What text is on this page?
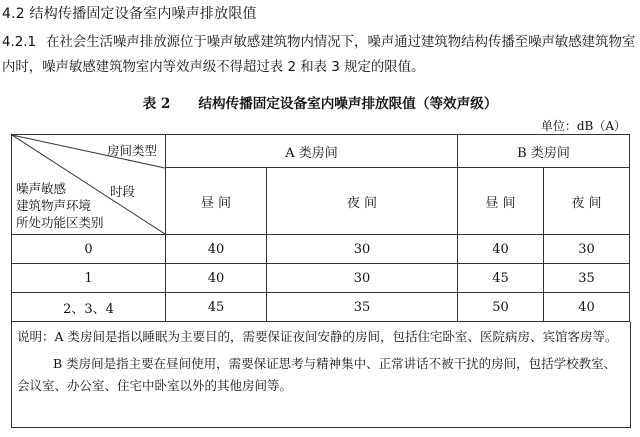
4.2 结构传播固定设备室内噪声排放限值
4.2.1 在社会生活噪声排放源位于噪声敏感建筑物内情况下，噪声通过建筑物结构传播至噪声敏感建筑物室内时，噪声敏感建筑物室内等效声级不得超过表 2 和表 3 规定的限值。
表 2 结构传播固定设备室内噪声排放限值（等效声级）
单位：dB（A）
房间类型
时段
噪声敏感
建筑物声环境
所处功能区类别	A 类房间		B 类房间	
	昼 间	夜 间	昼 间	夜 间
0	40	30	40	30
1	40	30	45	35
2、3、4	45	35	50	40

说明：A 类房间是指以睡眠为主要目的，需要保证夜间安静的房间，包括住宅卧室、医院病房、宾馆客房等。

B 类房间是指主要在昼间使用，需要保证思考与精神集中、正常讲话不被干扰的房间，包括学校教室、会议室、办公室、住宅中卧室以外的其他房间等。
